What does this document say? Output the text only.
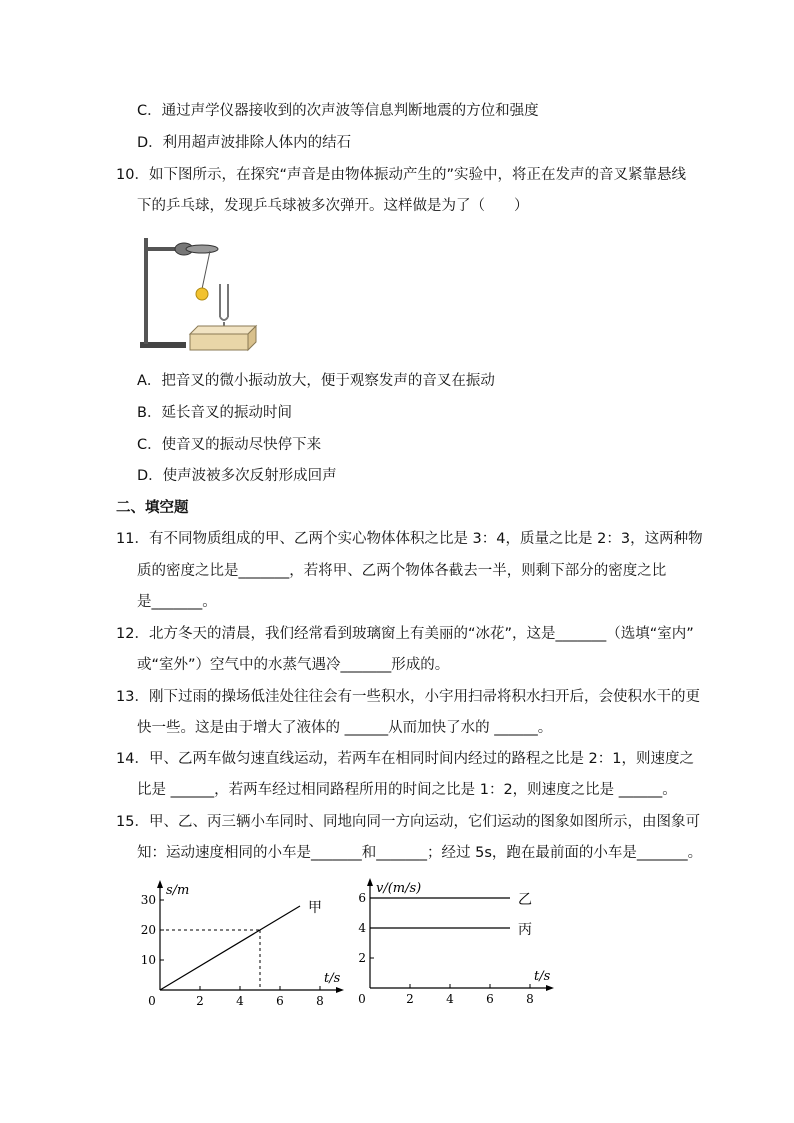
C．通过声学仪器接收到的次声波等信息判断地震的方位和强度
D．利用超声波排除人体内的结石
10．如下图所示，在探究“声音是由物体振动产生的”实验中，将正在发声的音叉紧靠悬线
下的乒乓球，发现乒乓球被多次弹开。这样做是为了（　　）
A．把音叉的微小振动放大，便于观察发声的音叉在振动
B．延长音叉的振动时间
C．使音叉的振动尽快停下来
D．使声波被多次反射形成回声
二、填空题
11．有不同物质组成的甲、乙两个实心物体体积之比是 3：4，质量之比是 2：3，这两种物
质的密度之比是_______，若将甲、乙两个物体各截去一半，则剩下部分的密度之比
是_______。
12．北方冬天的清晨，我们经常看到玻璃窗上有美丽的“冰花”，这是_______（选填“室内”
或“室外”）空气中的水蒸气遇冷_______形成的。
13．刚下过雨的操场低洼处往往会有一些积水，小宇用扫帚将积水扫开后，会使积水干的更
快一些。这是由于增大了液体的 ______从而加快了水的 ______。
14．甲、乙两车做匀速直线运动，若两车在相同时间内经过的路程之比是 2：1，则速度之
比是 ______，若两车经过相同路程所用的时间之比是 1：2，则速度之比是 ______。
15．甲、乙、丙三辆小车同时、同地向同一方向运动，它们运动的图象如图所示，由图象可
知：运动速度相同的小车是_______和_______；经过 5s，跑在最前面的小车是_______。
0	2	4	6	8
10
20
30
t/s
s/m
甲
0	2	4	6	8
2
4
6
t/s
v/(m/s)
乙
丙
